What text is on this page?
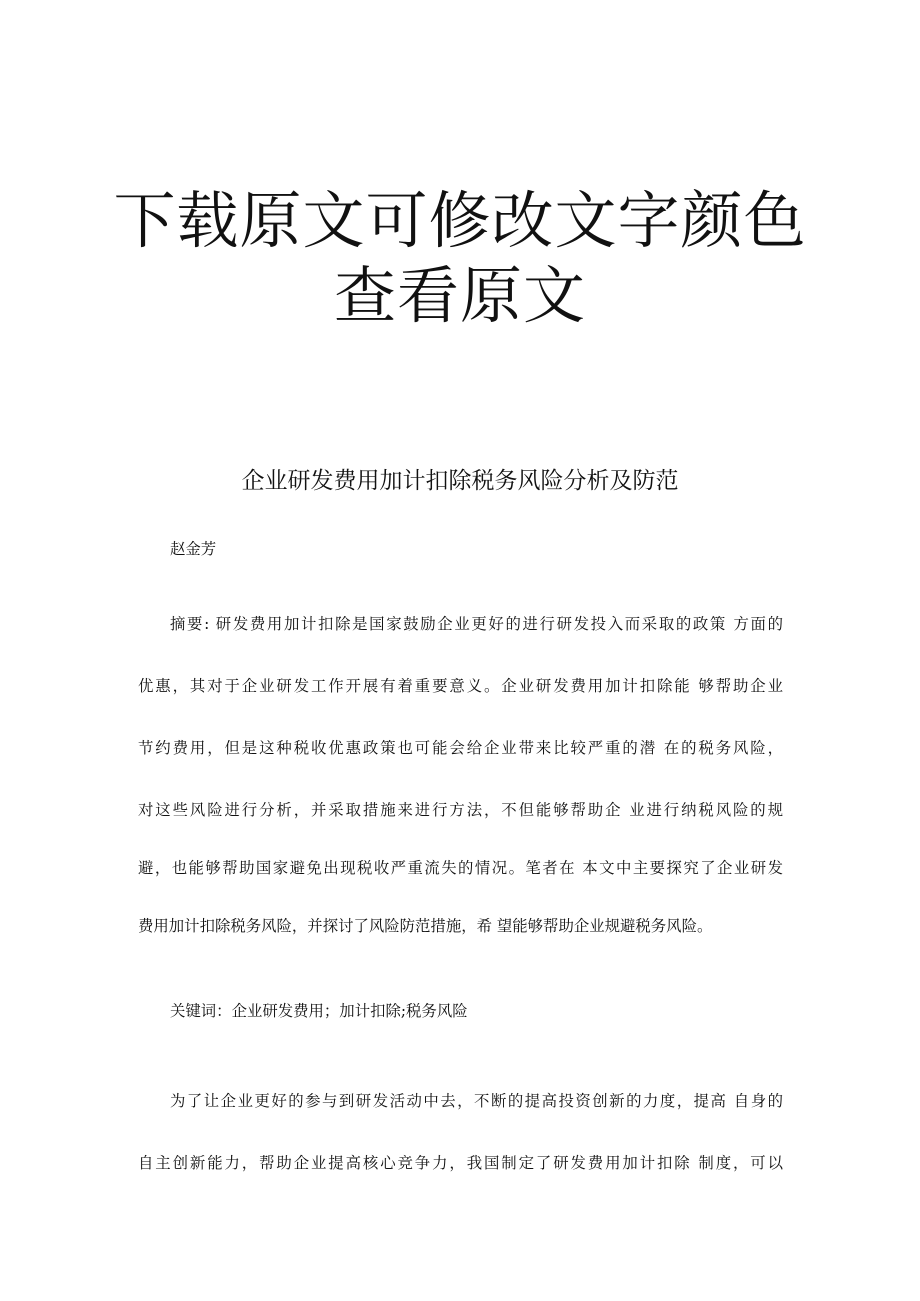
下载原文可修改文字颜色
查看原文
企业研发费用加计扣除税务风险分析及防范
赵金芳
摘要: 研发费用加计扣除是国家鼓励企业更好的进行研发投入而采取的政策 方面的
优惠，其对于企业研发工作开展有着重要意义。企业研发费用加计扣除能 够帮助企业
节约费用，但是这种税收优惠政策也可能会给企业带来比较严重的潜 在的税务风险，
对这些风险进行分析，并采取措施来进行方法，不但能够帮助企 业进行纳税风险的规
避，也能够帮助国家避免出现税收严重流失的情况。笔者在 本文中主要探究了企业研发
费用加计扣除税务风险，并探讨了风险防范措施，希 望能够帮助企业规避税务风险。
关键词：企业研发费用；加计扣除;税务风险
为了让企业更好的参与到研发活动中去，不断的提高投资创新的力度，提高 自身的
自主创新能力，帮助企业提高核心竞争力，我国制定了研发费用加计扣除 制度，可以
